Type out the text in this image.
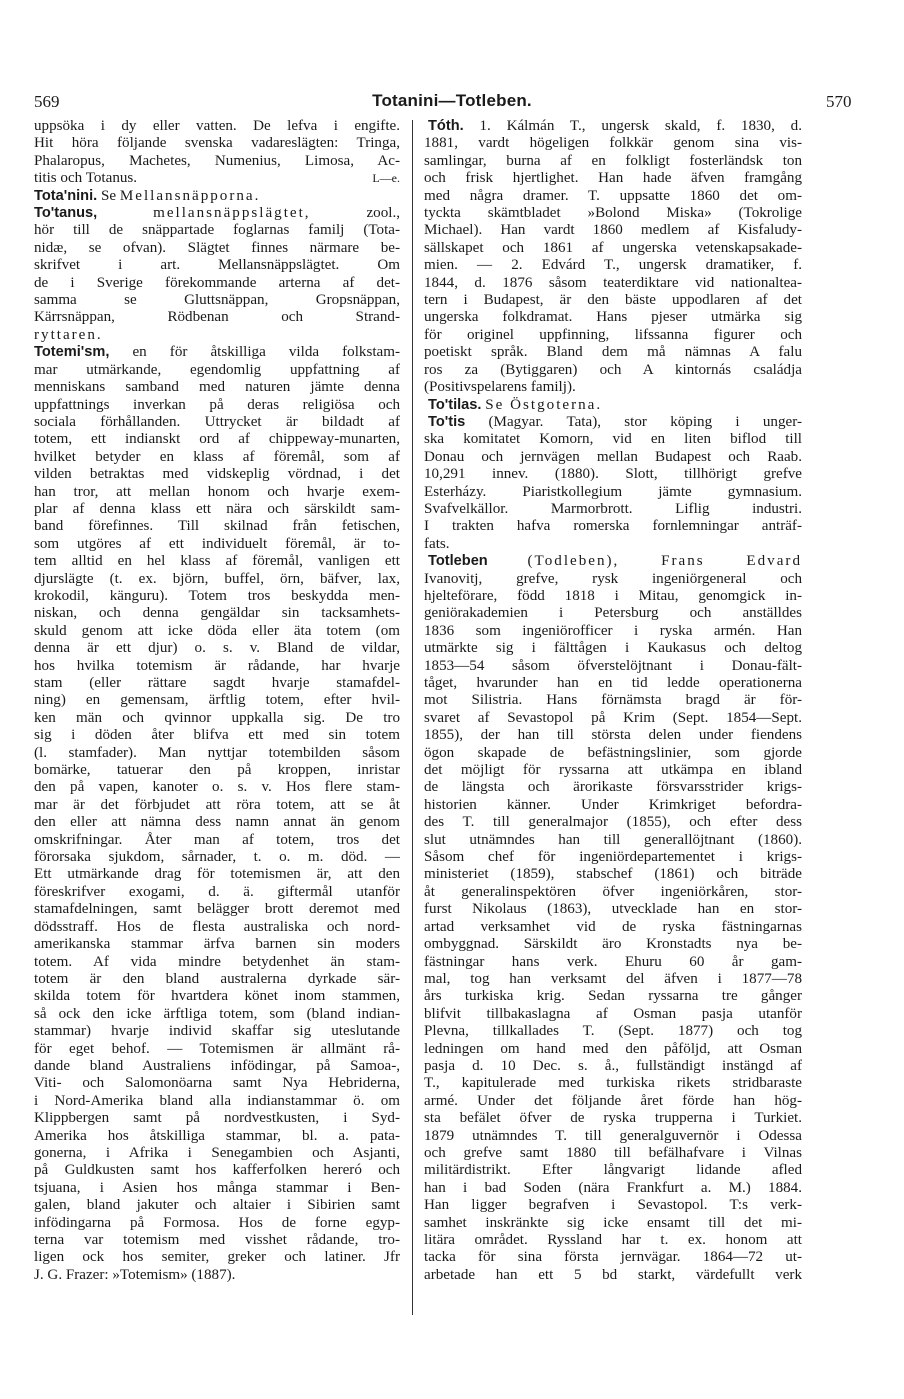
569	Totanini—Totleben.	570
uppsöka i dy eller vatten. De lefva i engifte.
Hit höra följande svenska vadareslägten: Tringa,
Phalaropus, Machetes, Numenius, Limosa, Ac-
titis och Totanus.	L—e.
Tota'nini. Se Mellansnäpporna.
To'tanus,	mellansnäppslägtet,	zool.,
hör till de snäppartade foglarnas familj (Tota-
nidæ, se ofvan). Slägtet finnes närmare be-
skrifvet i art. Mellansnäppslägtet. Om
de i Sverige förekommande arterna af det-
samma se Gluttsnäppan, Gropsnäppan,
Kärrsnäppan, Rödbenan och Strand-
ryttaren.
Totemi'sm, en för åtskilliga vilda folkstam-
mar utmärkande, egendomlig uppfattning af
menniskans samband med naturen jämte denna
uppfattnings inverkan på deras religiösa och
sociala förhållanden. Uttrycket är bildadt af
totem, ett indianskt ord af chippeway-munarten,
hvilket betyder en klass af föremål, som af
vilden betraktas med vidskeplig vördnad, i det
han tror, att mellan honom och hvarje exem-
plar af denna klass ett nära och särskildt sam-
band förefinnes. Till skilnad från fetischen,
som utgöres af ett individuelt föremål, är to-
tem alltid en hel klass af föremål, vanligen ett
djurslägte (t. ex. björn, buffel, örn, bäfver, lax,
krokodil, känguru). Totem tros beskydda men-
niskan, och denna gengäldar sin tacksamhets-
skuld genom att icke döda eller äta totem (om
denna är ett djur) o. s. v. Bland de vildar,
hos hvilka totemism är rådande, har hvarje
stam (eller rättare sagdt hvarje stamafdel-
ning) en gemensam, ärftlig totem, efter hvil-
ken män och qvinnor uppkalla sig. De tro
sig i döden åter blifva ett med sin totem
(l. stamfader). Man nyttjar totembilden såsom
bomärke, tatuerar den på kroppen, inristar
den på vapen, kanoter o. s. v. Hos flere stam-
mar är det förbjudet att röra totem, att se åt
den eller att nämna dess namn annat än genom
omskrifningar. Åter man af totem, tros det
förorsaka sjukdom, sårnader, t. o. m. död. —
Ett utmärkande drag för totemismen är, att den
föreskrifver exogami, d. ä. giftermål utanför
stamafdelningen, samt belägger brott deremot med
dödsstraff. Hos de flesta australiska och nord-
amerikanska stammar ärfva barnen sin moders
totem. Af vida mindre betydenhet än stam-
totem är den bland australerna dyrkade sär-
skilda totem för hvartdera könet inom stammen,
så ock den icke ärftliga totem, som (bland indian-
stammar) hvarje individ skaffar sig uteslutande
för eget behof. — Totemismen är allmänt rå-
dande bland Australiens infödingar, på Samoa-,
Viti- och Salomonöarna samt Nya Hebriderna,
i Nord-Amerika bland alla indianstammar ö. om
Klippbergen samt på nordvestkusten, i Syd-
Amerika hos åtskilliga stammar, bl. a. pata-
gonerna, i Afrika i Senegambien och Asjanti,
på Guldkusten samt hos kafferfolken hereró och
tsjuana, i Asien hos många stammar i Ben-
galen, bland jakuter och altaier i Sibirien samt
infödingarna på Formosa. Hos de forne egyp-
terna var totemism med visshet rådande, tro-
ligen ock hos semiter, greker och latiner. Jfr
J. G. Frazer: »Totemism» (1887).
Tóth. 1. Kálmán T., ungersk skald, f. 1830, d.
1881, vardt högeligen folkkär genom sina vis-
samlingar, burna af en folkligt fosterländsk ton
och frisk hjertlighet. Han hade äfven framgång
med några dramer. T. uppsatte 1860 det om-
tyckta skämtbladet »Bolond Miska» (Tokrolige
Michael). Han vardt 1860 medlem af Kisfaludy-
sällskapet och 1861 af ungerska vetenskapsakade-
mien. — 2. Edvárd T., ungersk dramatiker, f.
1844, d. 1876 såsom teaterdiktare vid nationaltea-
tern i Budapest, är den bäste uppodlaren af det
ungerska folkdramat. Hans pjeser utmärka sig
för originel uppfinning, lifssanna figurer och
poetiskt språk. Bland dem må nämnas A falu
ros za (Bytiggaren) och A kintornás családja
(Positivspelarens familj).
To'tilas. Se Östgoterna.
To'tis (Magyar. Tata), stor köping i unger-
ska komitatet Komorn, vid en liten biflod till
Donau och jernvägen mellan Budapest och Raab.
10,291 innev. (1880). Slott, tillhörigt grefve
Esterházy. Piaristkollegium jämte gymnasium.
Svafvelkällor. Marmorbrott. Liflig industri.
I trakten hafva romerska fornlemningar anträf-
fats.
Totleben	(Todleben), Frans Edvard
Ivanovitj, grefve, rysk ingeniörgeneral och
hjelteförare, född 1818 i Mitau, genomgick in-
geniörakademien i Petersburg och anställdes
1836 som ingeniörofficer i ryska armén. Han
utmärkte sig i fälttågen i Kaukasus och deltog
1853—54 såsom öfverstelöjtnant i Donau-fält-
tåget, hvarunder han en tid ledde operationerna
mot Silistria. Hans förnämsta bragd är för-
svaret af Sevastopol på Krim (Sept. 1854—Sept.
1855), der han till största delen under fiendens
ögon skapade de befästningslinier, som gjorde
det möjligt för ryssarna att utkämpa en ibland
de längsta och ärorikaste försvarsstrider krigs-
historien känner. Under Krimkriget befordra-
des T. till generalmajor (1855), och efter dess
slut utnämndes han till generallöjtnant (1860).
Såsom chef för ingeniördepartementet i krigs-
ministeriet (1859), stabschef (1861) och biträde
åt generalinspektören öfver ingeniörkåren, stor-
furst Nikolaus (1863), utvecklade han en stor-
artad verksamhet vid de ryska fästningarnas
ombyggnad. Särskildt äro Kronstadts nya be-
fästningar hans verk. Ehuru 60 år gam-
mal, tog han verksamt del äfven i 1877—78
års turkiska krig. Sedan ryssarna tre gånger
blifvit tillbakaslagna af Osman pasja utanför
Plevna, tillkallades T. (Sept. 1877) och tog
ledningen om hand med den påföljd, att Osman
pasja d. 10 Dec. s. å., fullständigt instängd af
T., kapitulerade med turkiska rikets stridbaraste
armé. Under det följande året förde han hög-
sta befälet öfver de ryska trupperna i Turkiet.
1879 utnämndes T. till generalguvernör i Odessa
och grefve samt 1880 till befälhafvare i Vilnas
militärdistrikt. Efter långvarigt lidande afled
han i bad Soden (nära Frankfurt a. M.) 1884.
Han ligger begrafven i Sevastopol. T:s verk-
samhet inskränkte sig icke ensamt till det mi-
litära området. Ryssland har t. ex. honom att
tacka för sina första jernvägar. 1864—72 ut-
arbetade han ett 5 bd starkt, värdefullt verk
